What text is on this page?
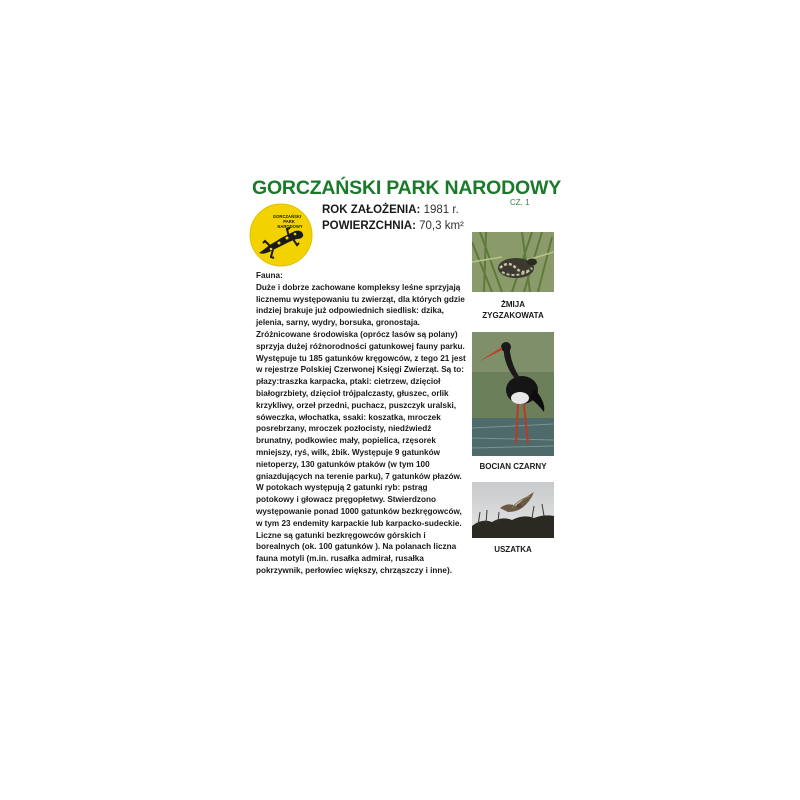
GORCZAŃSKI PARK NARODOWY
CZ. 1
GORCZAŃSKI
PARK
NARODOWY
ROK ZAŁOŻENIA: 1981 r.
POWIERZCHNIA: 70,3 km²

Fauna:

Duże i dobrze zachowane kompleksy leśne sprzyjają licznemu występowaniu tu zwierząt, dla których gdzie indziej brakuje już odpowiednich siedlisk: dzika, jelenia, sarny, wydry, borsuka, gronostaja. Zróżnicowane środowiska (oprócz lasów są polany) sprzyja dużej różnorodności gatunkowej fauny parku. Występuje tu 185 gatunków kręgowców, z tego 21 jest w rejestrze Polskiej Czerwonej Księgi Zwierząt. Są to: płazy:traszka karpacka, ptaki: cietrzew, dzięcioł białogrzbiety, dzięcioł trójpalczasty, głuszec, orlik krzykliwy, orzeł przedni, puchacz, puszczyk uralski, sóweczka, włochatka, ssaki: koszatka, mroczek posrebrzany, mroczek pozłocisty, niedźwiedź brunatny, podkowiec mały, popielica, rzęsorek mniejszy, ryś, wilk, żbik. Występuje 9 gatunków nietoperzy, 130 gatunków ptaków (w tym 100 gniazdujących na terenie parku), 7 gatunków płazów. W potokach występują 2 gatunki ryb: pstrąg potokowy i głowacz pręgopłetwy. Stwierdzono występowanie ponad 1000 gatunków bezkręgowców, w tym 23 endemity karpackie lub karpacko-sudeckie. Liczne są gatunki bezkręgowców górskich i borealnych (ok. 100 gatunków ). Na polanach liczna fauna motyli (m.in. rusałka admirał, rusałka pokrzywnik, perłowiec większy, chrząszczy i inne).

ŻMIJA
ZYGZAKOWATA
BOCIAN CZARNY
USZATKA
